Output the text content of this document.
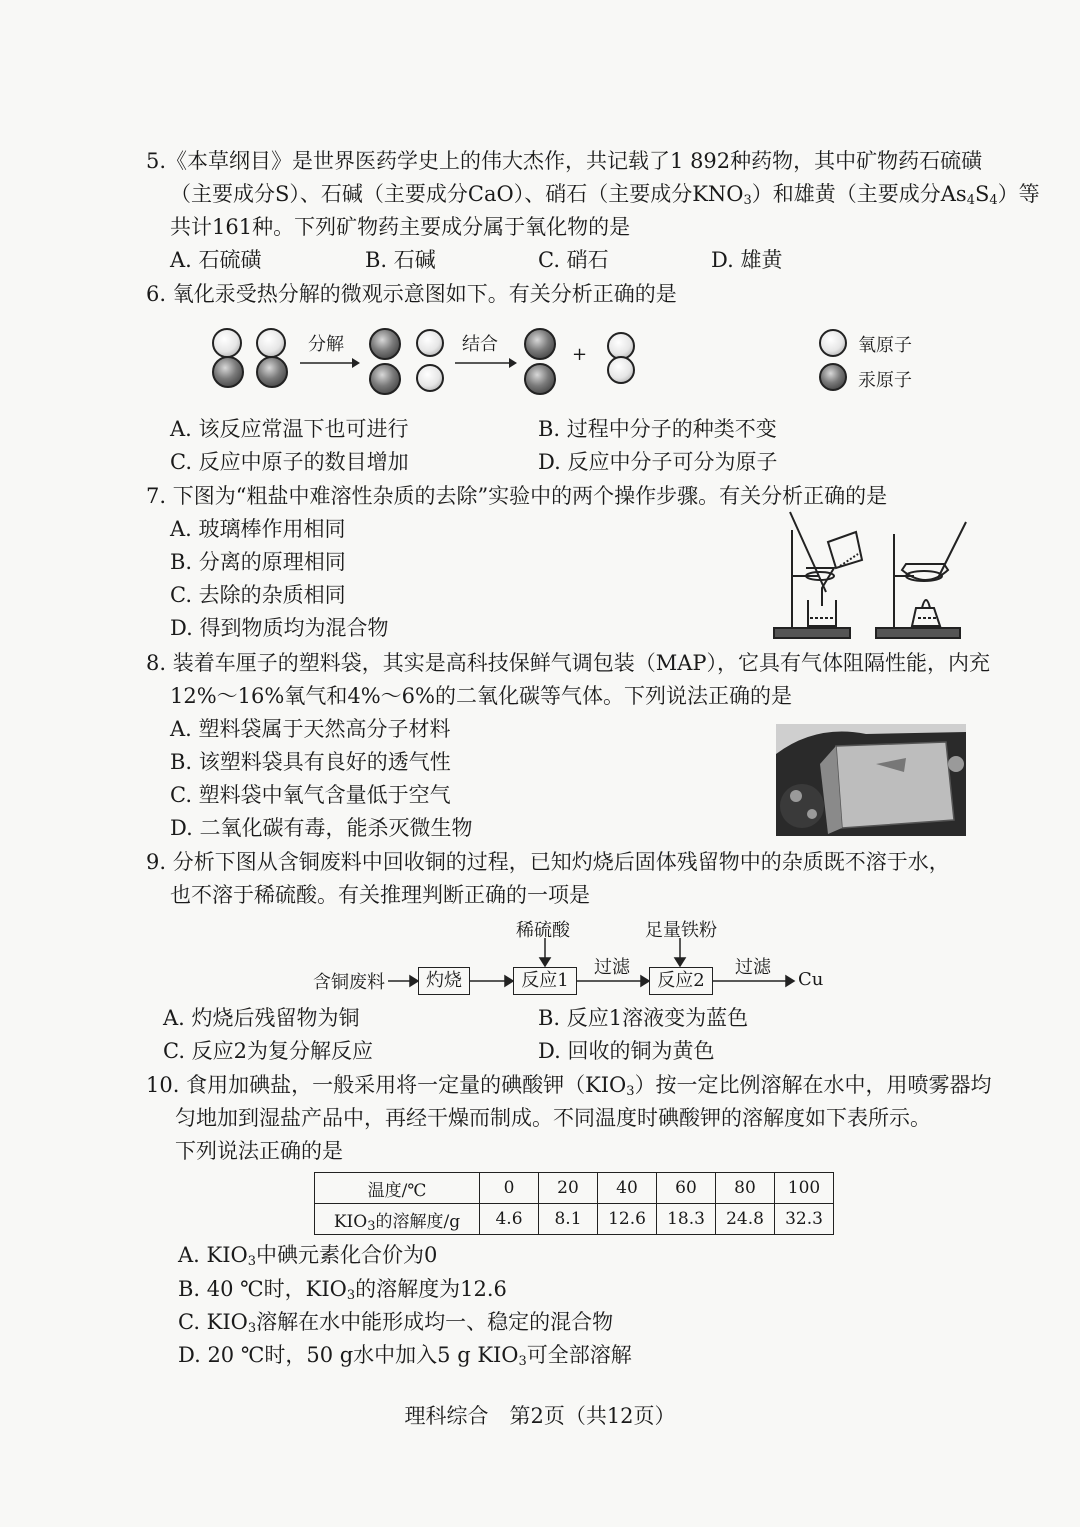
5.《本草纲目》是世界医药学史上的伟大杰作，共记载了1 892种药物，其中矿物药石硫磺
（主要成分S）、石碱（主要成分CaO）、硝石（主要成分$KNO_3$）和雄黄（主要成分$As_4S_4$）等
共计161种。下列矿物药主要成分属于氧化物的是
A. 石硫磺	B. 石碱	C. 硝石	D. 雄黄
6. 氧化汞受热分解的微观示意图如下。有关分析正确的是
分解	结合	+	氧原子
汞原子
A. 该反应常温下也可进行	B. 过程中分子的种类不变
C. 反应中原子的数目增加	D. 反应中分子可分为原子
7. 下图为“粗盐中难溶性杂质的去除”实验中的两个操作步骤。有关分析正确的是
A. 玻璃棒作用相同
B. 分离的原理相同
C. 去除的杂质相同
D. 得到物质均为混合物
8. 装着车厘子的塑料袋，其实是高科技保鲜气调包装（MAP），它具有气体阻隔性能，内充
12%～16%氧气和4%～6%的二氧化碳等气体。下列说法正确的是
A. 塑料袋属于天然高分子材料
B. 该塑料袋具有良好的透气性
C. 塑料袋中氧气含量低于空气
D. 二氧化碳有毒，能杀灭微生物
9. 分析下图从含铜废料中回收铜的过程，已知灼烧后固体残留物中的杂质既不溶于水，
也不溶于稀硫酸。有关推理判断正确的一项是
稀硫酸	足量铁粉
含铜废料	灼烧	反应1
过滤
反应2
过滤
Cu
A. 灼烧后残留物为铜	B. 反应1溶液变为蓝色
C. 反应2为复分解反应	D. 回收的铜为黄色
10. 食用加碘盐，一般采用将一定量的碘酸钾$(KIO_3)$按一定比例溶解在水中，用喷雾器均
匀地加到湿盐产品中，再经干燥而制成。不同温度时碘酸钾的溶解度如下表所示。
下列说法正确的是
温度/℃	0	20	40	60	80	100
$KIO_3$的溶解度/g	4.6	8.1	12.6	18.3	24.8	32.3
A. $KIO_3$中碘元素化合价为0
B. 40 ℃时，$KIO_3$的溶解度为12.6
C. $KIO_3$溶解在水中能形成均一、稳定的混合物
D. 20 ℃时，50 g水中加入5 g $KIO_3$可全部溶解
理科综合　第2页（共12页）
